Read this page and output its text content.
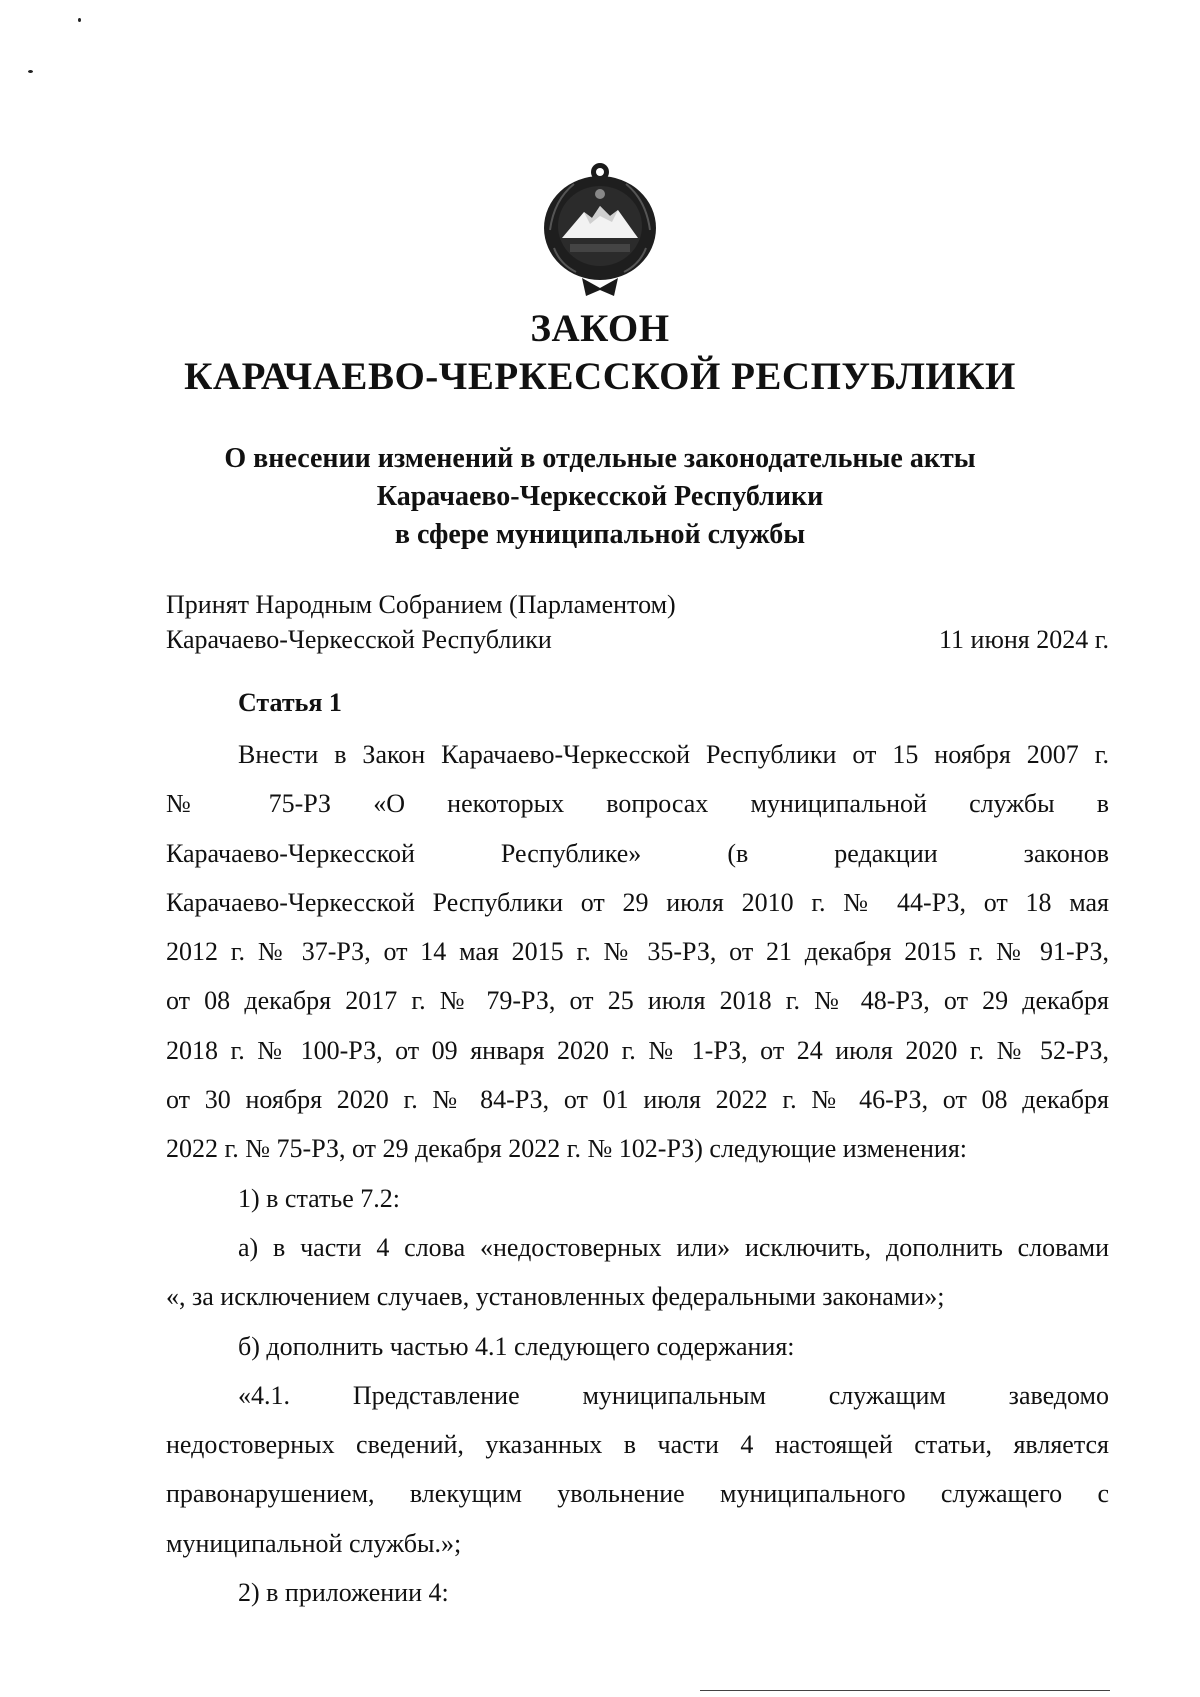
ЗАКОН
КАРАЧАЕВО-ЧЕРКЕССКОЙ РЕСПУБЛИКИ
О внесении изменений в отдельные законодательные акты
Карачаево-Черкесской Республики
в сфере муниципальной службы
Принят Народным Собранием (Парламентом)
Карачаево-Черкесской Республики	11 июня 2024 г.
Статья 1
Внести в Закон Карачаево-Черкесской Республики от 15 ноября 2007 г.
№ 75-РЗ «О некоторых вопросах муниципальной службы в
Карачаево-Черкесской Республике» (в редакции законов
Карачаево-Черкесской Республики от 29 июля 2010 г. № 44-РЗ, от 18 мая
2012 г. № 37-РЗ, от 14 мая 2015 г. № 35-РЗ, от 21 декабря 2015 г. № 91-РЗ,
от 08 декабря 2017 г. № 79-РЗ, от 25 июля 2018 г. № 48-РЗ, от 29 декабря
2018 г. № 100-РЗ, от 09 января 2020 г. № 1-РЗ, от 24 июля 2020 г. № 52-РЗ,
от 30 ноября 2020 г. № 84-РЗ, от 01 июля 2022 г. № 46-РЗ, от 08 декабря
2022 г. № 75-РЗ, от 29 декабря 2022 г. № 102-РЗ) следующие изменения:
1) в статье 7.2:
а) в части 4 слова «недостоверных или» исключить, дополнить словами
«, за исключением случаев, установленных федеральными законами»;
б) дополнить частью 4.1 следующего содержания:
«4.1. Представление муниципальным служащим заведомо
недостоверных сведений, указанных в части 4 настоящей статьи, является
правонарушением, влекущим увольнение муниципального служащего с
муниципальной службы.»;
2) в приложении 4:
